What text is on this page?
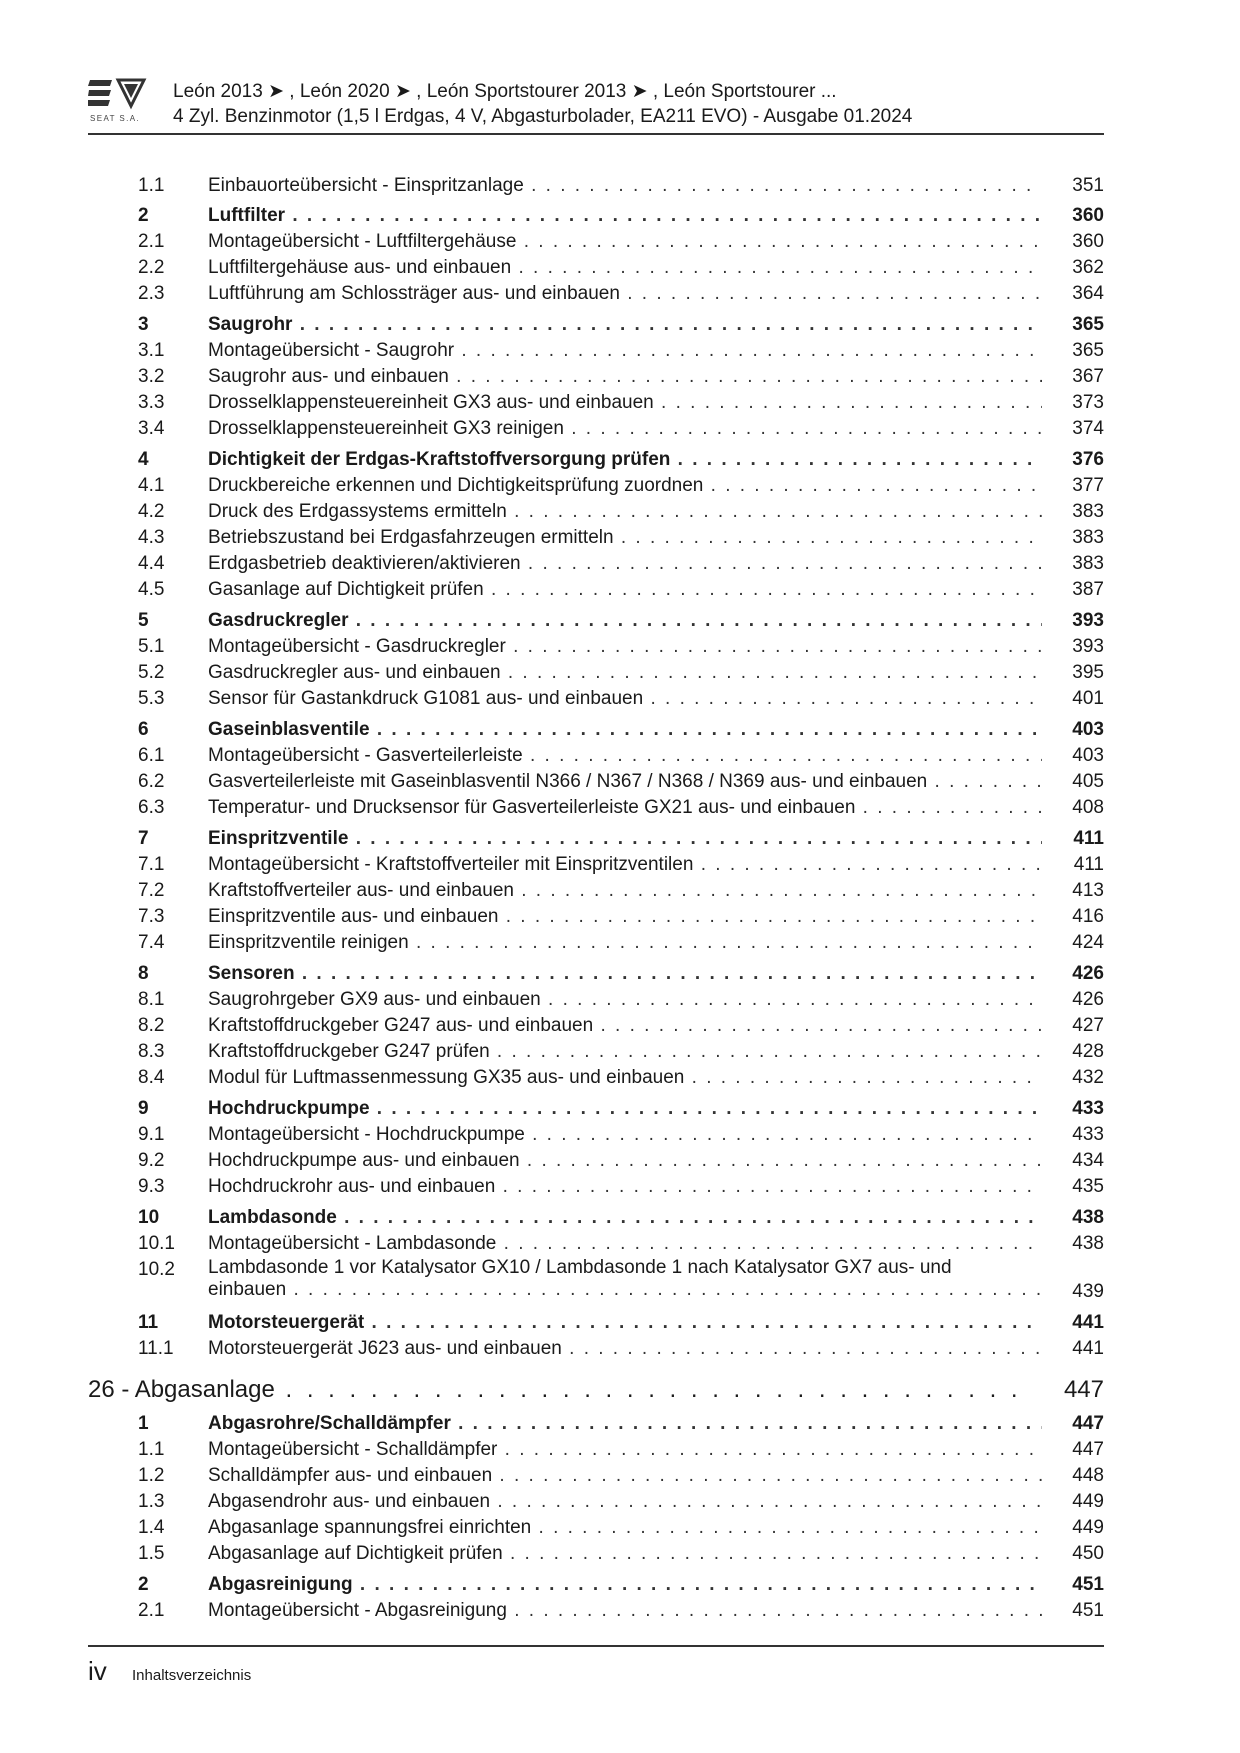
SEAT S.A.
León 2013 ➤ , León 2020 ➤ , León Sportstourer 2013 ➤ , León Sportstourer ...
4 Zyl. Benzinmotor (1,5 l Erdgas, 4 V, Abgasturbolader, EA211 EVO) - Ausgabe 01.2024
1.1 Einbauorteübersicht - Einspritzanlage . . .	351
2	Luftfilter . . .	360
2.1 Montageübersicht - Luftfiltergehäuse . . .	360
2.2 Luftfiltergehäuse aus- und einbauen . . .	362
2.3 Luftführung am Schlossträger aus- und einbauen . . .	364
3	Saugrohr . . .	365
3.1 Montageübersicht - Saugrohr . . .	365
3.2 Saugrohr aus- und einbauen . . .	367
3.3 Drosselklappensteuereinheit GX3 aus- und einbauen . . .	373
3.4 Drosselklappensteuereinheit GX3 reinigen . . .	374
4	Dichtigkeit der Erdgas-Kraftstoffversorgung prüfen . . .	376
4.1 Druckbereiche erkennen und Dichtigkeitsprüfung zuordnen . . .	377
4.2 Druck des Erdgassystems ermitteln . . .	383
4.3 Betriebszustand bei Erdgasfahrzeugen ermitteln . . .	383
4.4 Erdgasbetrieb deaktivieren/aktivieren . . .	383
4.5 Gasanlage auf Dichtigkeit prüfen . . .	387
5	Gasdruckregler . . .	393
5.1 Montageübersicht - Gasdruckregler . . .	393
5.2 Gasdruckregler aus- und einbauen . . .	395
5.3 Sensor für Gastankdruck G1081 aus- und einbauen . . .	401
6	Gaseinblasventile . . .	403
6.1 Montageübersicht - Gasverteilerleiste . . .	403
6.2 Gasverteilerleiste mit Gaseinblasventil N366 / N367 / N368 / N369 aus- und einbauen . . .	405
6.3 Temperatur- und Drucksensor für Gasverteilerleiste GX21 aus- und einbauen . . .	408
7	Einspritzventile . . .	411
7.1 Montageübersicht - Kraftstoffverteiler mit Einspritzventilen . . .	411
7.2 Kraftstoffverteiler aus- und einbauen . . .	413
7.3 Einspritzventile aus- und einbauen . . .	416
7.4 Einspritzventile reinigen . . .	424
8	Sensoren . . .	426
8.1 Saugrohrgeber GX9 aus- und einbauen . . .	426
8.2 Kraftstoffdruckgeber G247 aus- und einbauen . . .	427
8.3 Kraftstoffdruckgeber G247 prüfen . . .	428
8.4 Modul für Luftmassenmessung GX35 aus- und einbauen . . .	432
9	Hochdruckpumpe . . .	433
9.1 Montageübersicht - Hochdruckpumpe . . .	433
9.2 Hochdruckpumpe aus- und einbauen . . .	434
9.3 Hochdruckrohr aus- und einbauen . . .	435
10	Lambdasonde . . .	438
10.1 Montageübersicht - Lambdasonde . . .	438
10.2 Lambdasonde 1 vor Katalysator GX10 / Lambdasonde 1 nach Katalysator GX7 aus- und
einbauen . . .	439
11	Motorsteuergerät . . .	441
11.1 Motorsteuergerät J623 aus- und einbauen . . .	441
26 - Abgasanlage . . .	447
1	Abgasrohre/Schalldämpfer . . .	447
1.1 Montageübersicht - Schalldämpfer . . .	447
1.2 Schalldämpfer aus- und einbauen . . .	448
1.3 Abgasendrohr aus- und einbauen . . .	449
1.4 Abgasanlage spannungsfrei einrichten . . .	449
1.5 Abgasanlage auf Dichtigkeit prüfen . . .	450
2	Abgasreinigung . . .	451
2.1 Montageübersicht - Abgasreinigung . . .	451
iv Inhaltsverzeichnis
